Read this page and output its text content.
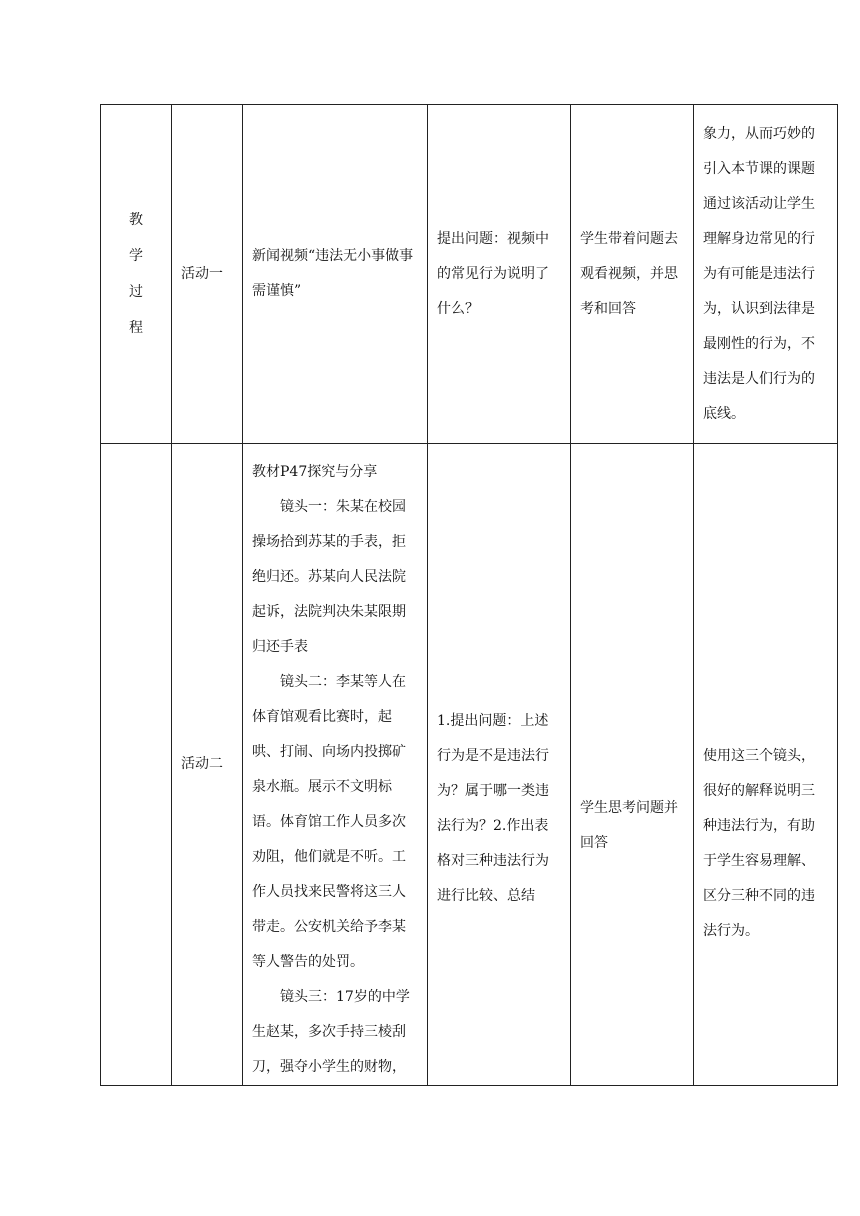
教学过程	活动一	新闻视频“违法无小事做事需谨慎”	提出问题：视频中的常见行为说明了什么？	学生带着问题去观看视频，并思考和回答	象力，从而巧妙的引入本节课的课题通过该活动让学生理解身边常见的行为有可能是违法行为，认识到法律是最刚性的行为，不违法是人们行为的底线。

	活动二	教材P47探究与分享
镜头一：朱某在校园操场拾到苏某的手表，拒绝归还。苏某向人民法院起诉，法院判决朱某限期归还手表
镜头二：李某等人在体育馆观看比赛时，起哄、打闹、向场内投掷矿泉水瓶。展示不文明标语。体育馆工作人员多次劝阻，他们就是不听。工作人员找来民警将这三人带走。公安机关给予李某等人警告的处罚。
镜头三：17岁的中学生赵某，多次手持三棱刮刀，强夺小学生的财物，	1.提出问题：上述行为是不是违法行为？属于哪一类违法行为？2.作出表格对三种违法行为进行比较、总结	学生思考问题并回答	使用这三个镜头，很好的解释说明三种违法行为，有助于学生容易理解、区分三种不同的违法行为。
